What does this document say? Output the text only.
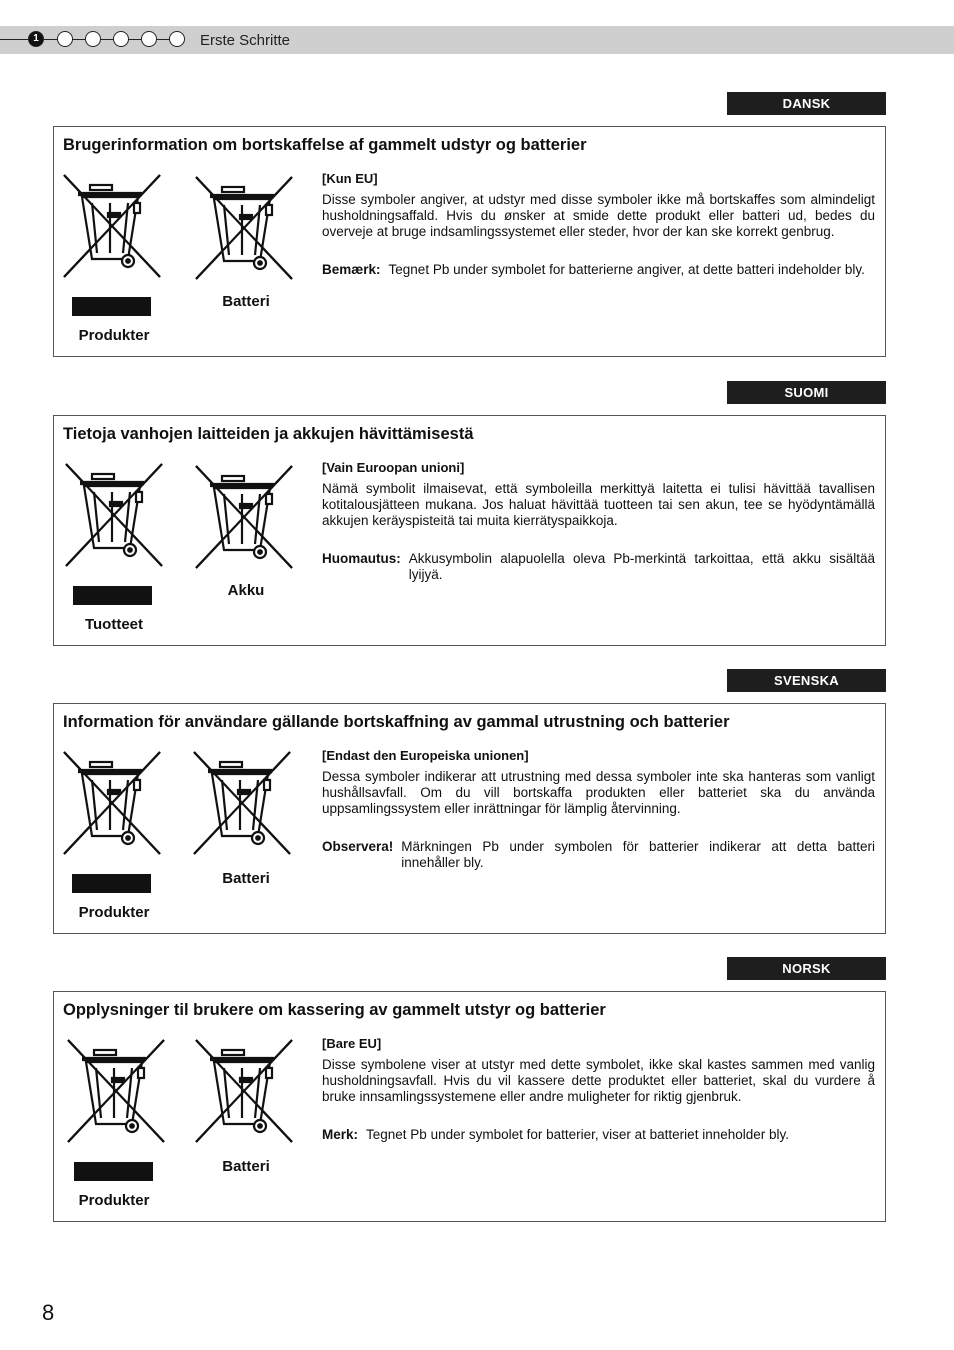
1	Erste Schritte
DANSK
Brugerinformation om bortskaffelse af gammelt udstyr og batterier
Produkter
Batteri
[Kun EU]
Disse symboler angiver, at udstyr med disse symboler ikke må bortskaffes som almindeligt husholdningsaffald. Hvis du ønsker at smide dette produkt eller batteri ud, bedes du overveje at bruge indsamlingssystemet eller steder, hvor der kan ske korrekt genbrug.
Bemærk: Tegnet Pb under symbolet for batterierne angiver, at dette batteri indeholder bly.
SUOMI
Tietoja vanhojen laitteiden ja akkujen hävittämisestä
Tuotteet
Akku
[Vain Euroopan unioni]
Nämä symbolit ilmaisevat, että symboleilla merkittyä laitetta ei tulisi hävittää tavallisen kotitalousjätteen mukana. Jos haluat hävittää tuotteen tai sen akun, tee se hyödyntämällä akkujen keräyspisteitä tai muita kierrätyspaikkoja.
Huomautus: Akkusymbolin alapuolella oleva Pb-merkintä tarkoittaa, että akku sisältää lyijyä.
SVENSKA
Information för användare gällande bortskaffning av gammal utrustning och batterier
Produkter
Batteri
[Endast den Europeiska unionen]
Dessa symboler indikerar att utrustning med dessa symboler inte ska hanteras som vanligt hushållsavfall. Om du vill bortskaffa produkten eller batteriet ska du använda uppsamlingssystem eller inrättningar för lämplig återvinning.
Observera! Märkningen Pb under symbolen för batterier indikerar att detta batteri innehåller bly.
NORSK
Opplysninger til brukere om kassering av gammelt utstyr og batterier
Produkter
Batteri
[Bare EU]
Disse symbolene viser at utstyr med dette symbolet, ikke skal kastes sammen med vanlig husholdningsavfall. Hvis du vil kassere dette produktet eller batteriet, skal du vurdere å bruke innsamlingssystemene eller andre muligheter for riktig gjenbruk.
Merk: Tegnet Pb under symbolet for batterier, viser at batteriet inneholder bly.
8
